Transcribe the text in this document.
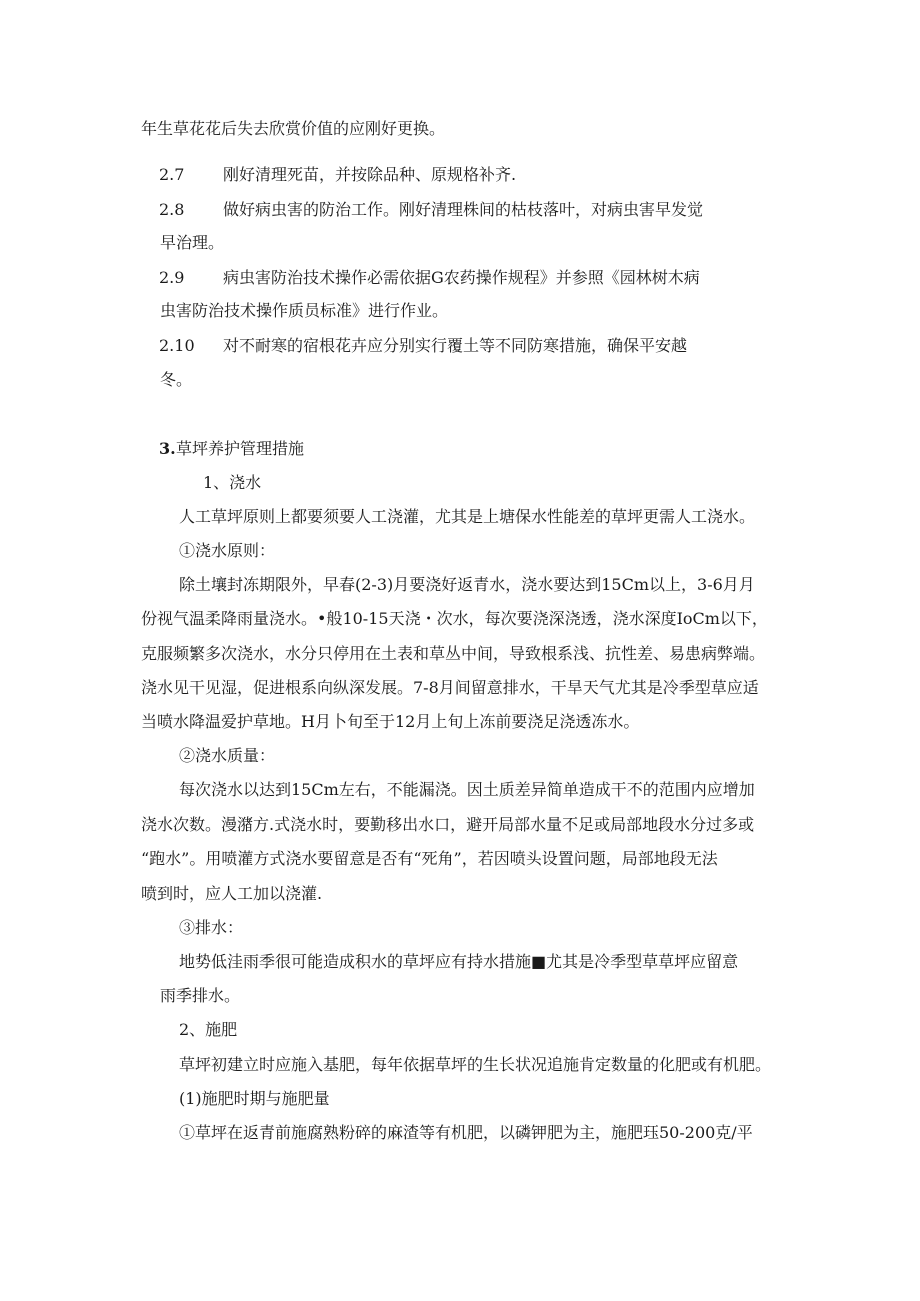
年生草花花后失去欣赏价值的应刚好更换。
2.7 刚好清理死苗，并按除品种、原规格补齐.
2.8 做好病虫害的防治工作。刚好清理株间的枯枝落叶，对病虫害早发觉
早治理。
2.9 病虫害防治技术操作必需依据G农药操作规程》并参照《园林树木病
虫害防治技术操作质员标准》进行作业。
2.10 对不耐寒的宿根花卉应分别实行覆土等不同防寒措施，确保平安越
冬。
3. 草坪养护管理措施
1、浇水
人工草坪原则上都要须要人工浇灌，尤其是上塘保水性能差的草坪更需人工浇水。
①浇水原则：
除土壤封冻期限外，早春(2-3)月要浇好返青水，浇水要达到15Cm以上，3-6月月
份视气温柔降雨量浇水。•般10-15天浇・次水，每次要浇深浇透，浇水深度IoCm以下，
克服频繁多次浇水，水分只停用在土表和草丛中间，导致根系浅、抗性差、易患病弊端。
浇水见干见湿，促进根系向纵深发展。7-8月间留意排水，干旱天气尤其是冷季型草应适
当喷水降温爱护草地。H月卜旬至于12月上旬上冻前要浇足浇透冻水。
②浇水质量：
每次浇水以达到15Cm左右，不能漏浇。因土质差异简单造成干不的范围内应增加
浇水次数。漫潴方.式浇水时，要勤移出水口，避开局部水量不足或局部地段水分过多或
“跑水”。用喷灌方式浇水要留意是否有“死角”，若因喷头设置问题，局部地段无法
喷到时，应人工加以浇灌.
③排水：
地势低洼雨季很可能造成积水的草坪应有持水措施■尤其是冷季型草草坪应留意
雨季排水。
2、施肥
草坪初建立时应施入基肥，每年依据草坪的生长状况追施肯定数量的化肥或有机肥。
(1)施肥时期与施肥量
①草坪在返青前施腐熟粉碎的麻渣等有机肥，以磷钾肥为主，施肥珏50-200克/平
